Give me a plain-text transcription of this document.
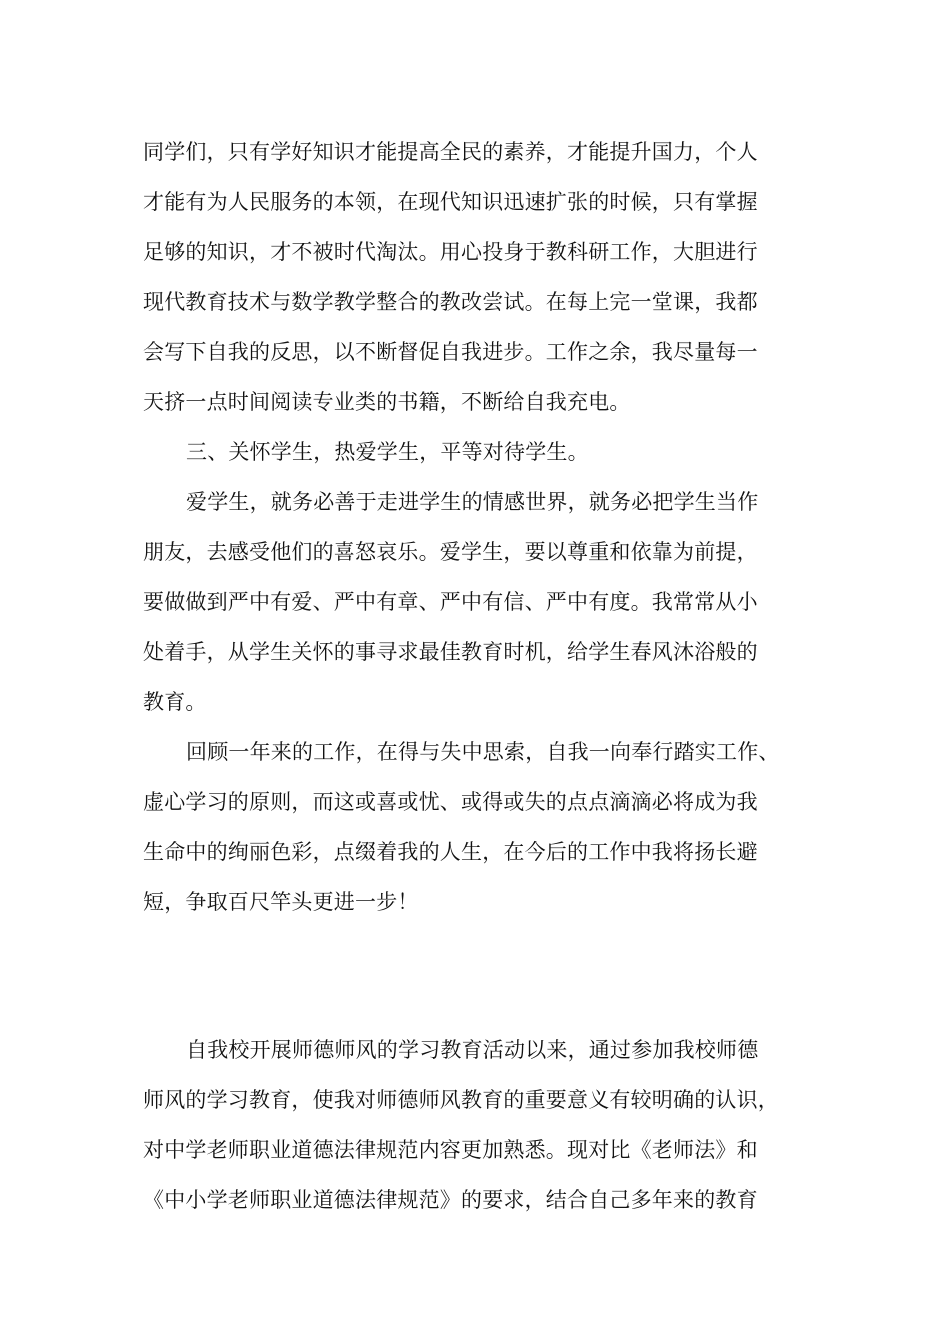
同学们，只有学好知识才能提高全民的素养，才能提升国力，个人
才能有为人民服务的本领，在现代知识迅速扩张的时候，只有掌握
足够的知识，才不被时代淘汰。用心投身于教科研工作，大胆进行
现代教育技术与数学教学整合的教改尝试。在每上完一堂课，我都
会写下自我的反思，以不断督促自我进步。工作之余，我尽量每一
天挤一点时间阅读专业类的书籍，不断给自我充电。
三、关怀学生，热爱学生，平等对待学生。
爱学生，就务必善于走进学生的情感世界，就务必把学生当作
朋友，去感受他们的喜怒哀乐。爱学生，要以尊重和依靠为前提，
要做做到严中有爱、严中有章、严中有信、严中有度。我常常从小
处着手，从学生关怀的事寻求最佳教育时机，给学生春风沐浴般的
教育。
回顾一年来的工作，在得与失中思索，自我一向奉行踏实工作、
虚心学习的原则，而这或喜或忧、或得或失的点点滴滴必将成为我
生命中的绚丽色彩，点缀着我的人生，在今后的工作中我将扬长避
短，争取百尺竿头更进一步！
自我校开展师德师风的学习教育活动以来，通过参加我校师德
师风的学习教育，使我对师德师风教育的重要意义有较明确的认识，
对中学老师职业道德法律规范内容更加熟悉。现对比《老师法》和
《中小学老师职业道德法律规范》的要求，结合自己多年来的教育
